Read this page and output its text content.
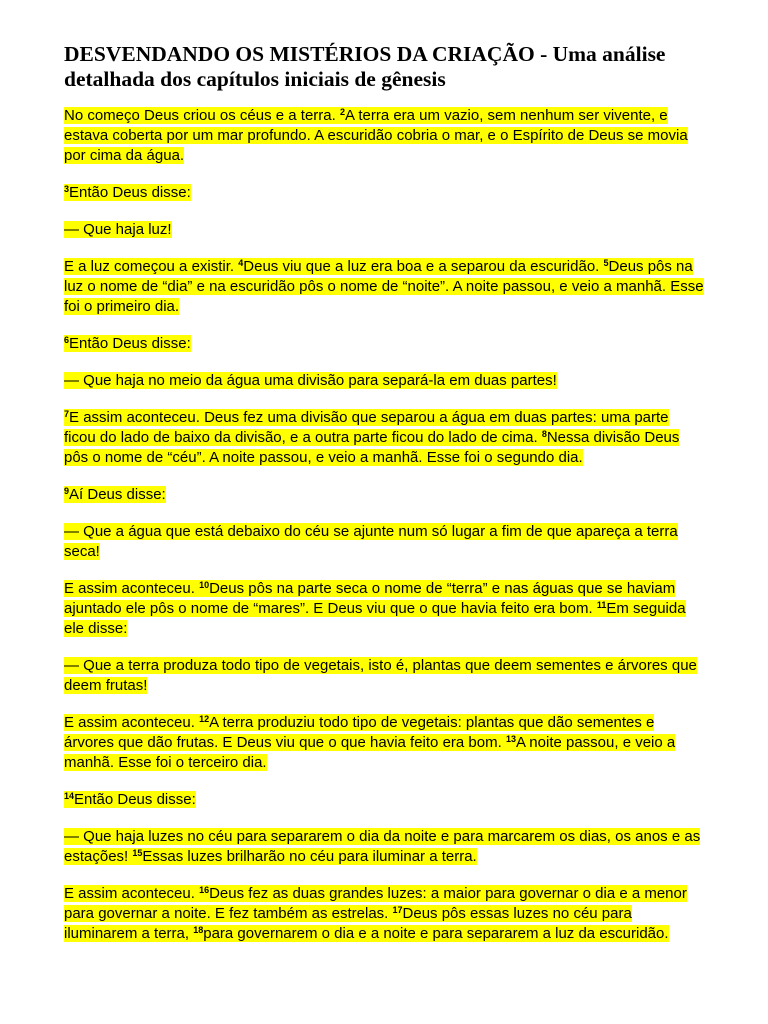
DESVENDANDO OS MISTÉRIOS DA CRIAÇÃO - Uma análise detalhada dos capítulos iniciais de gênesis

No começo Deus criou os céus e a terra. $^2$A terra era um vazio, sem nenhum ser vivente, e estava coberta por um mar profundo. A escuridão cobria o mar, e o Espírito de Deus se movia por cima da água.

$^3$Então Deus disse:

— Que haja luz!

E a luz começou a existir. $^4$Deus viu que a luz era boa e a separou da escuridão. $^5$Deus pôs na luz o nome de “dia” e na escuridão pôs o nome de “noite”. A noite passou, e veio a manhã. Esse foi o primeiro dia.

$^6$Então Deus disse:

— Que haja no meio da água uma divisão para separá-la em duas partes!

$^7$E assim aconteceu. Deus fez uma divisão que separou a água em duas partes: uma parte ficou do lado de baixo da divisão, e a outra parte ficou do lado de cima. $^8$Nessa divisão Deus pôs o nome de “céu”. A noite passou, e veio a manhã. Esse foi o segundo dia.

$^9$Aí Deus disse:

— Que a água que está debaixo do céu se ajunte num só lugar a fim de que apareça a terra seca!

E assim aconteceu. $^{10}$Deus pôs na parte seca o nome de “terra” e nas águas que se haviam ajuntado ele pôs o nome de “mares”. E Deus viu que o que havia feito era bom. $^{11}$Em seguida ele disse:

— Que a terra produza todo tipo de vegetais, isto é, plantas que deem sementes e árvores que deem frutas!

E assim aconteceu. $^{12}$A terra produziu todo tipo de vegetais: plantas que dão sementes e árvores que dão frutas. E Deus viu que o que havia feito era bom. $^{13}$A noite passou, e veio a manhã. Esse foi o terceiro dia.

$^{14}$Então Deus disse:

— Que haja luzes no céu para separarem o dia da noite e para marcarem os dias, os anos e as estações! $^{15}$Essas luzes brilharão no céu para iluminar a terra.

E assim aconteceu. $^{16}$Deus fez as duas grandes luzes: a maior para governar o dia e a menor para governar a noite. E fez também as estrelas. $^{17}$Deus pôs essas luzes no céu para iluminarem a terra, $^{18}$para governarem o dia e a noite e para separarem a luz da escuridão.
